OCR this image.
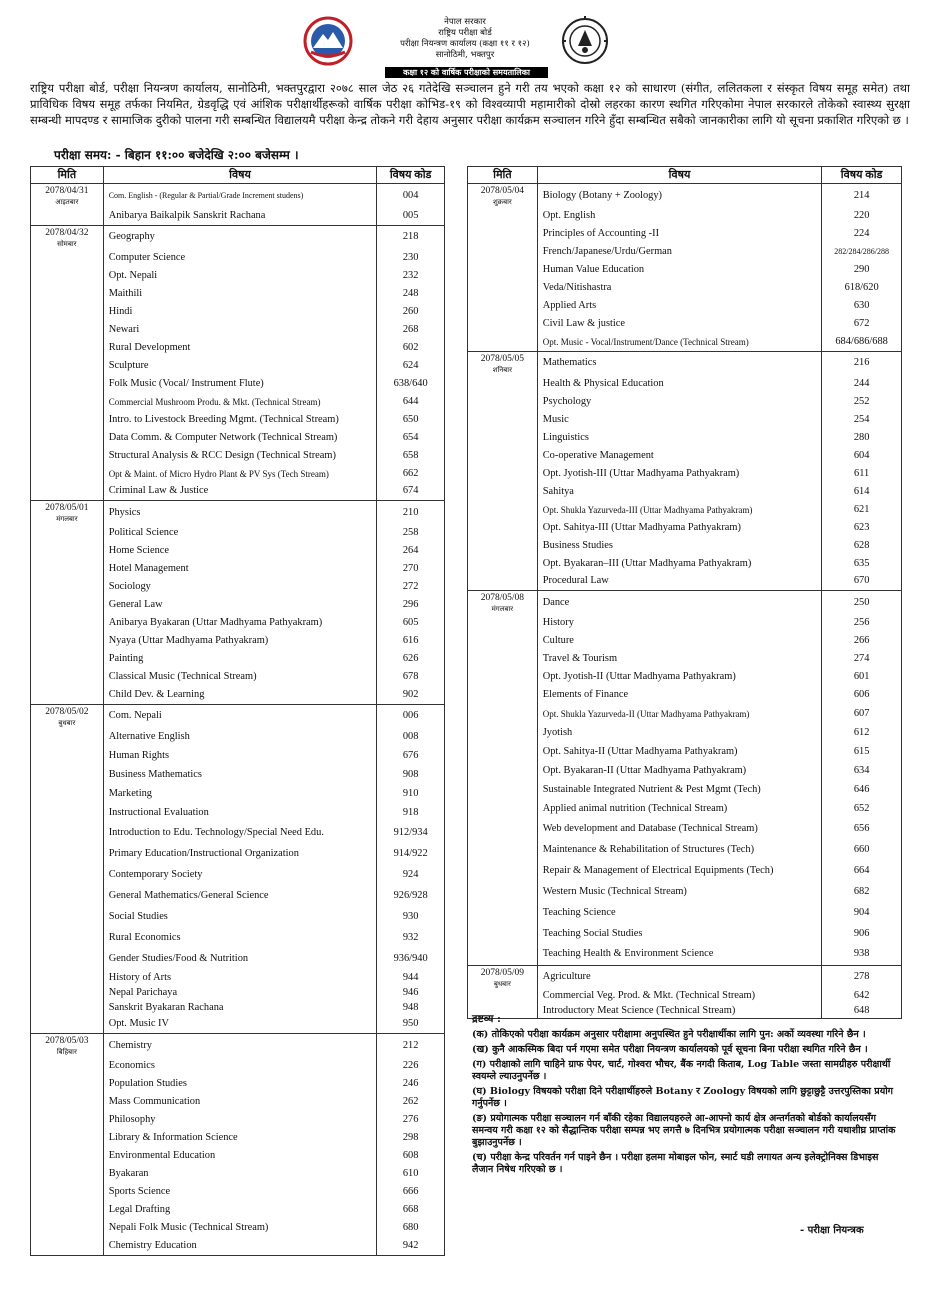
नेपाल सरकार
राष्ट्रिय परीक्षा बोर्ड
परीक्षा नियन्त्रण कार्यालय (कक्षा ११ र १२)
सानोठिमी, भक्तपुर
कक्षा १२ को वार्षिक परीक्षाको समयतालिका
राष्ट्रिय परीक्षा बोर्ड, परीक्षा नियन्त्रण कार्यालय, सानोठिमी, भक्तपुरद्वारा २०७८ साल जेठ २६ गतेदेखि सञ्चालन हुने गरी तय भएको कक्षा १२ को साधारण (संगीत, ललितकला र संस्कृत विषय समूह समेत) तथा प्राविधिक विषय समूह तर्फका नियमित, ग्रेडवृद्धि एवं आंशिक परीक्षार्थीहरूको वार्षिक परीक्षा कोभिड-१९ को विश्वव्यापी महामारीको दोस्रो लहरका कारण स्थगित गरिएकोमा नेपाल सरकारले तोकेको स्वास्थ्य सुरक्षा सम्बन्धी मापदण्ड र सामाजिक दुरीको पालना गरी सम्बन्धित विद्यालयमै परीक्षा केन्द्र तोकने गरी देहाय अनुसार परीक्षा कार्यक्रम सञ्चालन गरिने हुँदा सम्बन्धित सबैको जानकारीका लागि यो सूचना प्रकाशित गरिएको छ ।
परीक्षा समय: - बिहान ११:०० बजेदेखि २:०० बजेसम्म ।
मिति	विषय	विषय कोड
2078/04/31
आइतबार	Com. English - (Regular & Partial/Grade Increment studens)	004
	Anibarya Baikalpik Sanskrit Rachana	005
2078/04/32
सोमबार	Geography	218
	Computer Science	230
	Opt. Nepali	232
	Maithili	248
	Hindi	260
	Newari	268
	Rural Development	602
	Sculpture	624
	Folk Music (Vocal/ Instrument Flute)	638/640
	Commercial Mushroom Produ. & Mkt. (Technical Stream)	644
	Intro. to Livestock Breeding Mgmt. (Technical Stream)	650
	Data Comm. & Computer Network (Technical Stream)	654
	Structural Analysis & RCC Design (Technical Stream)	658
	Opt & Maint. of Micro Hydro Plant & PV Sys (Tech Stream)	662
	Criminal Law & Justice	674
2078/05/01
मंगलबार	Physics	210
	Political Science	258
	Home Science	264
	Hotel Management	270
	Sociology	272
	General Law	296
	Anibarya Byakaran (Uttar Madhyama Pathyakram)	605
	Nyaya (Uttar Madhyama Pathyakram)	616
	Painting	626
	Classical Music (Technical Stream)	678
	Child Dev. & Learning	902
2078/05/02
बुधबार	Com. Nepali	006
	Alternative English	008
	Human Rights	676
	Business Mathematics	908
	Marketing	910
	Instructional Evaluation	918
	Introduction to Edu. Technology/Special Need Edu.	912/934
	Primary Education/Instructional Organization	914/922
	Contemporary Society	924
	General Mathematics/General Science	926/928
	Social Studies	930
	Rural Economics	932
	Gender Studies/Food & Nutrition	936/940
	History of Arts	944
	Nepal Parichaya	946
	Sanskrit Byakaran Rachana	948
	Opt. Music IV	950
2078/05/03
बिहिबार	Chemistry	212
	Economics	226
	Population Studies	246
	Mass Communication	262
	Philosophy	276
	Library & Information Science	298
	Environmental Education	608
	Byakaran	610
	Sports Science	666
	Legal Drafting	668
	Nepali Folk Music (Technical Stream)	680
	Chemistry Education	942
मिति	विषय	विषय कोड
2078/05/04
शुक्रबार	Biology (Botany + Zoology)	214
	Opt. English	220
	Principles of Accounting -II	224
	French/Japanese/Urdu/German	282/284/286/288
	Human Value Education	290
	Veda/Nitishastra	618/620
	Applied Arts	630
	Civil Law & justice	672
	Opt. Music - Vocal/Instrument/Dance (Technical Stream)	684/686/688
2078/05/05
शनिबार	Mathematics	216
	Health & Physical Education	244
	Psychology	252
	Music	254
	Linguistics	280
	Co-operative Management	604
	Opt. Jyotish-III (Uttar Madhyama Pathyakram)	611
	Sahitya	614
	Opt. Shukla Yazurveda-III (Uttar Madhyama Pathyakram)	621
	Opt. Sahitya-III (Uttar Madhyama Pathyakram)	623
	Business Studies	628
	Opt. Byakaran–III (Uttar Madhyama Pathyakram)	635
	Procedural Law	670
2078/05/08
मंगलबार	Dance	250
	History	256
	Culture	266
	Travel & Tourism	274
	Opt. Jyotish-II (Uttar Madhyama Pathyakram)	601
	Elements of Finance	606
	Opt. Shukla Yazurveda-II (Uttar Madhyama Pathyakram)	607
	Jyotish	612
	Opt. Sahitya-II (Uttar Madhyama Pathyakram)	615
	Opt. Byakaran-II (Uttar Madhyama Pathyakram)	634
	Sustainable Integrated Nutrient & Pest Mgmt (Tech)	646
	Applied animal nutrition (Technical Stream)	652
	Web development and Database (Technical Stream)	656
	Maintenance & Rehabilitation of Structures (Tech)	660
	Repair & Management of Electrical Equipments (Tech)	664
	Western Music (Technical Stream)	682
	Teaching Science	904
	Teaching Social Studies	906
	Teaching Health & Environment Science	938
2078/05/09
बुधबार	Agriculture	278
	Commercial Veg. Prod. & Mkt. (Technical Stream)	642
	Introductory Meat Science (Technical Stream)	648
द्रष्टव्य :
(क) तोकिएको परीक्षा कार्यक्रम अनुसार परीक्षामा अनुपस्थित हुने परीक्षार्थीका लागि पुन: अर्को व्यवस्था गरिने छैन ।
(ख) कुनै आकस्मिक बिदा पर्न गएमा समेत परीक्षा नियन्त्रण कार्यालयको पूर्व सूचना बिना परीक्षा स्थगित गरिने छैन ।
(ग) परीक्षाको लागि चाहिने ग्राफ पेपर, चार्ट, गोश्वरा भौचर, बैंक नगदी किताब, Log Table जस्ता सामग्रीहरु परीक्षार्थी स्वयम्ले ल्याउनुपर्नेछ ।
(घ) Biology विषयको परीक्षा दिने परीक्षार्थीहरुले Botany र Zoology विषयको लागि छुट्टाछुट्टै उत्तरपुस्तिका प्रयोग गर्नुपर्नेछ ।
(ङ) प्रयोगात्मक परीक्षा सञ्चालन गर्न बाँकी रहेका विद्यालयहरुले आ-आफ्नो कार्य क्षेत्र अन्तर्गतको बोर्डको कार्यालयसँग समन्वय गरी कक्षा १२ को सैद्धान्तिक परीक्षा सम्पन्न भए लगत्तै ७ दिनभित्र प्रयोगात्मक परीक्षा सञ्चालन गरी यथाशीघ्र प्राप्तांक बुझाउनुपर्नेछ ।
(च) परीक्षा केन्द्र परिवर्तन गर्न पाइने छैन । परीक्षा हलमा मोबाइल फोन, स्मार्ट घडी लगायत अन्य इलेक्ट्रोनिक्स डिभाइस लैजान निषेध गरिएको छ ।
- परीक्षा नियन्त्रक
